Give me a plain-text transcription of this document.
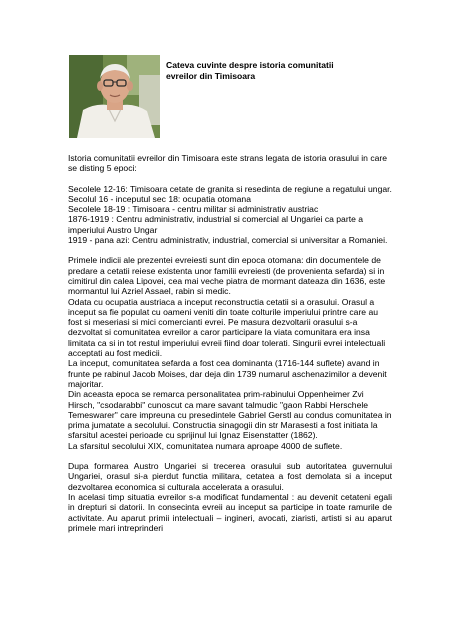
Cateva cuvinte despre istoria comunitatii
evreilor din Timisoara

Istoria comunitatii evreilor din Timisoara este strans legata de istoria orasului in care se disting 5 epoci:

Secolele 12-16: Timisoara cetate de granita si resedinta de regiune a regatului ungar.

Secolul 16 - inceputul sec 18: ocupatia otomana

Secolele 18-19 : Timisoara - centru militar si administrativ austriac

1876-1919 : Centru administrativ, industrial si comercial al Ungariei ca parte a imperiului Austro Ungar

1919 - pana azi: Centru administrativ, industrial, comercial si universitar a Romaniei.

Primele indicii ale prezentei evreiesti sunt din epoca otomana: din documentele de predare a cetatii reiese existenta unor familii evreiesti (de provenienta sefarda) si in cimitirul din calea Lipovei, cea mai veche piatra de mormant dateaza din 1636, este mormantul lui Azriel Assael, rabin si medic.

Odata cu ocupatia austriaca a inceput reconstructia cetatii si a orasului. Orasul a inceput sa fie populat cu oameni veniti din toate colturile imperiului printre care au fost si meseriasi si mici comercianti evrei. Pe masura dezvoltarii orasului s-a dezvoltat si comunitatea evreilor a caror participare la viata comunitara era insa limitata ca si in tot restul imperiului evreii fiind doar tolerati. Singurii evrei intelectuali acceptati au fost medicii.

La inceput, comunitatea sefarda a fost cea dominanta (1716-144 suflete) avand in frunte pe rabinul Jacob Moises, dar deja din 1739 numarul aschenazimilor a devenit majoritar.

Din aceasta epoca se remarca personalitatea prim-rabinului Oppenheimer Zvi Hirsch, "csodarabbi" cunoscut ca mare savant talmudic "gaon Rabbi Herschele Temeswarer" care impreuna cu presedintele Gabriel Gerstl au condus comunitatea in prima jumatate a secolului. Constructia sinagogii din str Marasesti a fost initiata la sfarsitul acestei perioade cu sprijinul lui Ignaz Eisenstatter (1862).

La sfarsitul secolului XIX, comunitatea numara aproape 4000 de suflete.

Dupa formarea Austro Ungariei si trecerea orasului sub autoritatea guvernului Ungariei, orasul si-a pierdut functia militara, cetatea a fost demolata si a inceput dezvoltarea economica si culturala accelerata a orasului.

In acelasi timp situatia evreilor s-a modificat fundamental : au devenit cetateni egali in drepturi si datorii. In consecinta evreii au inceput sa participe in toate ramurile de activitate. Au aparut primii intelectuali – ingineri, avocati, ziaristi, artisti si au aparut primele mari intreprinderi
